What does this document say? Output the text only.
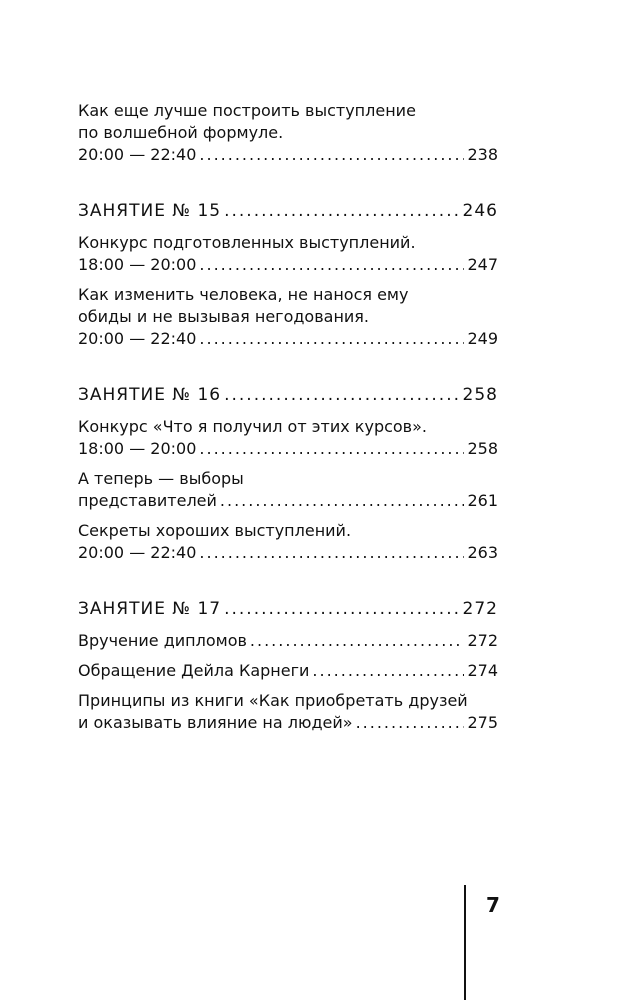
Как еще лучше построить выступление
по волшебной формуле.
20:00 — 22:40 .....	238
ЗАНЯТИЕ № 15 .....	246
Конкурс подготовленных выступлений.
18:00 — 20:00 .....	247
Как изменить человека, не нанося ему
обиды и не вызывая негодования.
20:00 — 22:40 .....	249
ЗАНЯТИЕ № 16 .....	258
Конкурс «Что я получил от этих курсов».
18:00 — 20:00 .....	258
А теперь — выборы
представителей .....	261
Секреты хороших выступлений.
20:00 — 22:40 .....	263
ЗАНЯТИЕ № 17 .....	272
Вручение дипломов .....	272
Обращение Дейла Карнеги .....	274
Принципы из книги «Как приобретать друзей
и оказывать влияние на людей» .....	275
7
